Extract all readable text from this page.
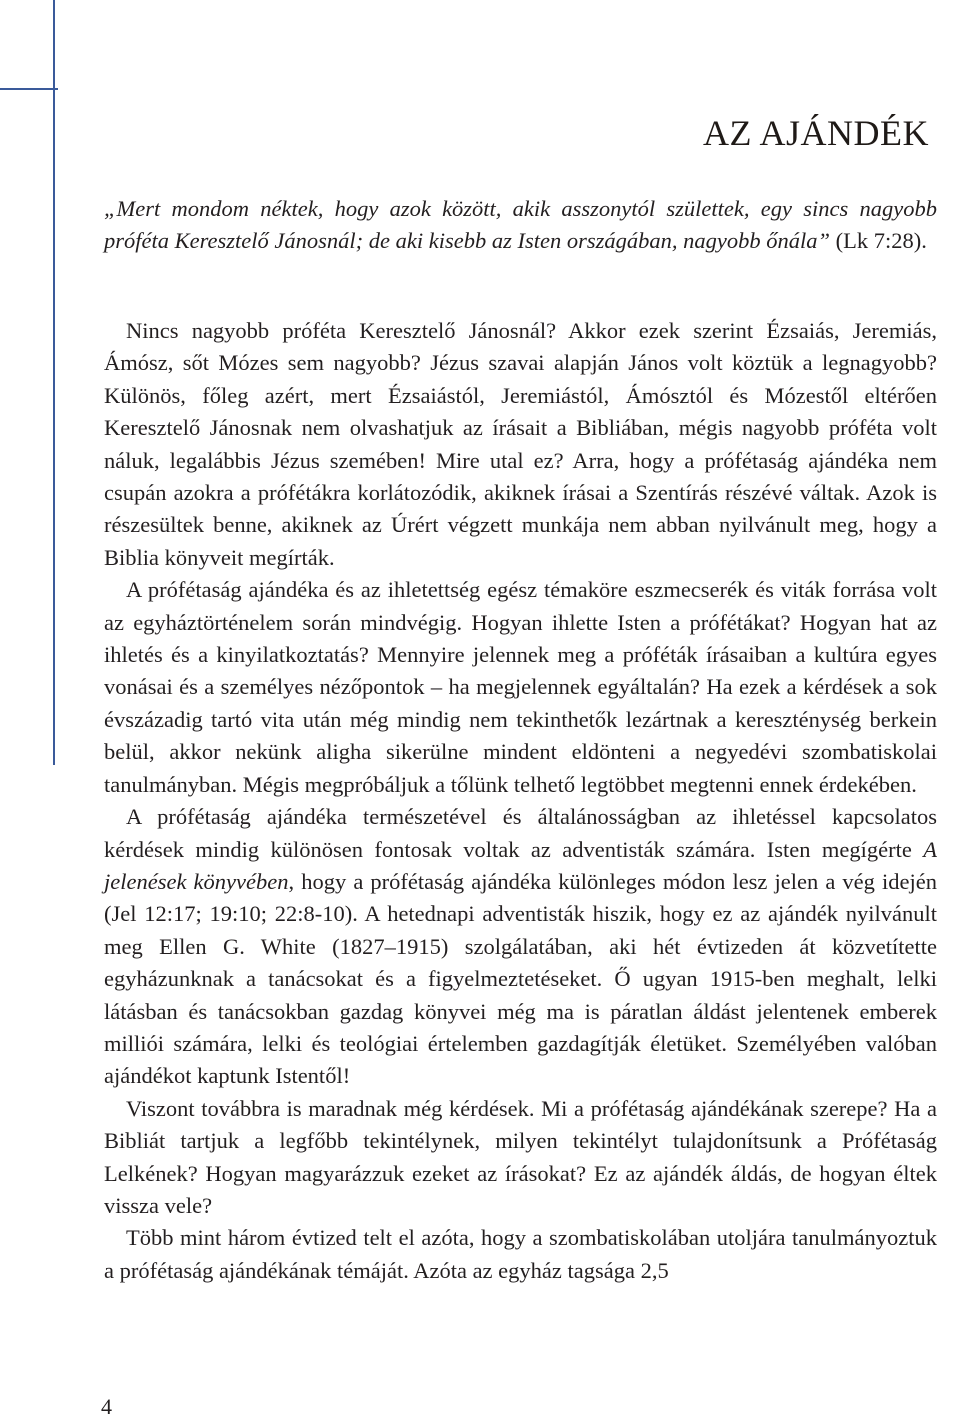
AZ AJÁNDÉK
„Mert mondom néktek, hogy azok között, akik asszonytól születtek, egy sincs nagyobb próféta Keresztelő Jánosnál; de aki kisebb az Isten országában, nagyobb őnála” (Lk 7:28).

Nincs nagyobb próféta Keresztelő Jánosnál? Akkor ezek szerint Ézsaiás, Jeremiás, Ámósz, sőt Mózes sem nagyobb? Jézus szavai alapján János volt köztük a legnagyobb? Különös, főleg azért, mert Ézsaiástól, Jeremiástól, Ámósztól és Mózestől eltérően Keresztelő Jánosnak nem olvashatjuk az írásait a Bibliában, mégis nagyobb próféta volt náluk, legalábbis Jézus szemében! Mire utal ez? Arra, hogy a prófétaság ajándéka nem csupán azokra a prófétákra korlátozódik, akiknek írásai a Szentírás részévé váltak. Azok is részesültek benne, akiknek az Úrért végzett munkája nem abban nyilvánult meg, hogy a Biblia könyveit megírták.

A prófétaság ajándéka és az ihletettség egész témaköre eszmecserék és viták forrása volt az egyháztörténelem során mindvégig. Hogyan ihlette Isten a prófétákat? Hogyan hat az ihletés és a kinyilatkoztatás? Mennyire jelennek meg a próféták írásaiban a kultúra egyes vonásai és a személyes nézőpontok – ha megjelennek egyáltalán? Ha ezek a kérdések a sok évszázadig tartó vita után még mindig nem tekinthetők lezártnak a kereszténység berkein belül, akkor nekünk aligha sikerülne mindent eldönteni a negyedévi szombatiskolai tanulmányban. Mégis megpróbáljuk a tőlünk telhető legtöbbet megtenni ennek érdekében.

A prófétaság ajándéka természetével és általánosságban az ihletéssel kapcsolatos kérdések mindig különösen fontosak voltak az adventisták számára. Isten megígérte A jelenések könyvében, hogy a prófétaság ajándéka különleges módon lesz jelen a vég idején (Jel 12:17; 19:10; 22:8-10). A hetednapi adventisták hiszik, hogy ez az ajándék nyilvánult meg Ellen G. White (1827–1915) szolgálatában, aki hét évtizeden át közvetítette egyházunknak a tanácsokat és a figyelmeztetéseket. Ő ugyan 1915-ben meghalt, lelki látásban és tanácsokban gazdag könyvei még ma is páratlan áldást jelentenek emberek milliói számára, lelki és teológiai értelemben gazdagítják életüket. Személyében valóban ajándékot kaptunk Istentől!

Viszont továbbra is maradnak még kérdések. Mi a prófétaság ajándékának szerepe? Ha a Bibliát tartjuk a legfőbb tekintélynek, milyen tekintélyt tulajdonítsunk a Prófétaság Lelkének? Hogyan magyarázzuk ezeket az írásokat? Ez az ajándék áldás, de hogyan éltek vissza vele?

Több mint három évtized telt el azóta, hogy a szombatiskolában utoljára tanulmányoztuk a prófétaság ajándékának témáját. Azóta az egyház tagsága 2,5

4
